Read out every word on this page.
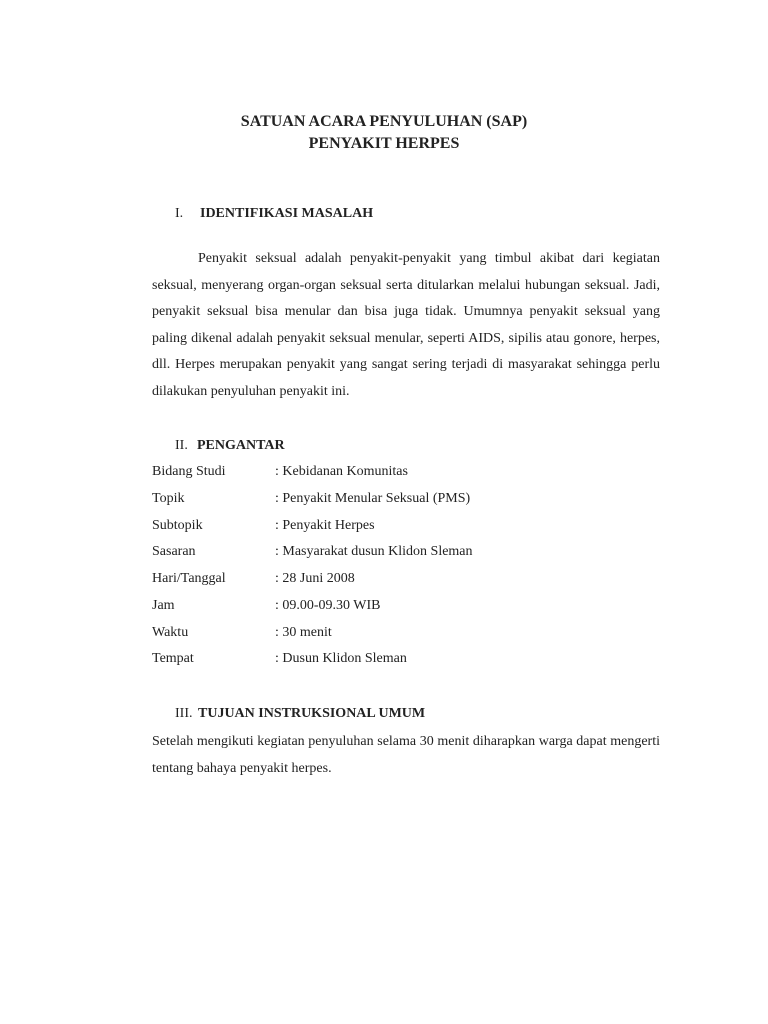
SATUAN ACARA PENYULUHAN (SAP)
PENYAKIT HERPES

I. IDENTIFIKASI MASALAH

Penyakit seksual adalah penyakit-penyakit yang timbul akibat dari kegiatan seksual, menyerang organ-organ seksual serta ditularkan melalui hubungan seksual. Jadi, penyakit seksual bisa menular dan bisa juga tidak. Umumnya penyakit seksual yang paling dikenal adalah penyakit seksual menular, seperti AIDS, sipilis atau gonore, herpes, dll. Herpes merupakan penyakit yang sangat sering terjadi di masyarakat sehingga perlu dilakukan penyuluhan penyakit ini.

II. PENGANTAR

Bidang Studi	: Kebidanan Komunitas
Topik	: Penyakit Menular Seksual (PMS)
Subtopik	: Penyakit Herpes
Sasaran	: Masyarakat dusun Klidon Sleman
Hari/Tanggal	: 28 Juni 2008
Jam	: 09.00-09.30 WIB
Waktu	: 30 menit
Tempat	: Dusun Klidon Sleman

III. TUJUAN INSTRUKSIONAL UMUM

Setelah mengikuti kegiatan penyuluhan selama 30 menit diharapkan warga dapat mengerti tentang bahaya penyakit herpes.
